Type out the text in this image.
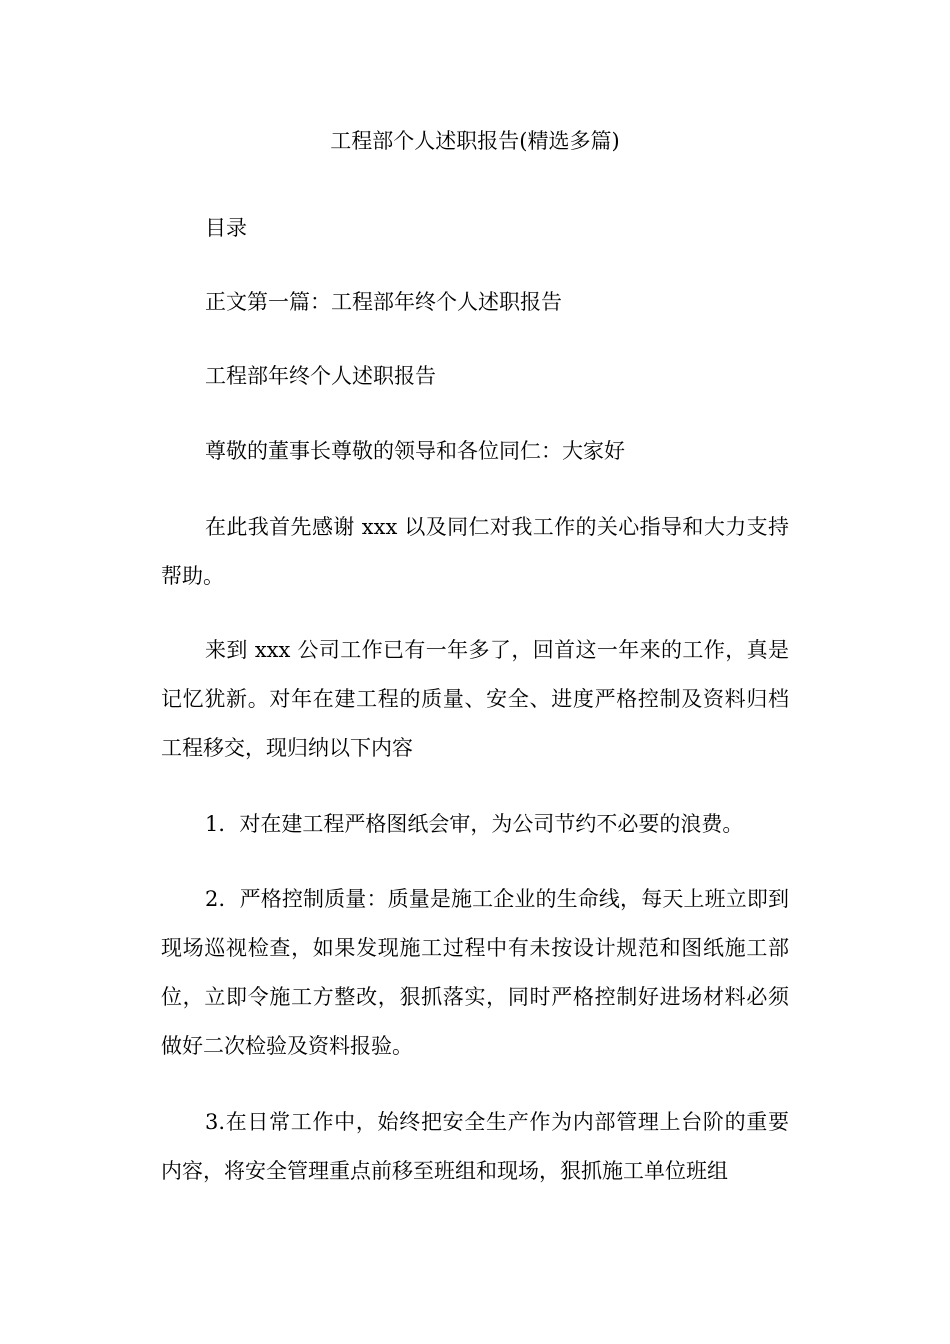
工程部个人述职报告(精选多篇)

目录

正文第一篇：工程部年终个人述职报告

工程部年终个人述职报告

尊敬的董事长尊敬的领导和各位同仁：大家好

在此我首先感谢 xxx 以及同仁对我工作的关心指导和大力支持帮助。

来到 xxx 公司工作已有一年多了，回首这一年来的工作，真是记忆犹新。对年在建工程的质量、安全、进度严格控制及资料归档工程移交，现归纳以下内容

1．对在建工程严格图纸会审，为公司节约不必要的浪费。

2．严格控制质量：质量是施工企业的生命线，每天上班立即到现场巡视检查，如果发现施工过程中有未按设计规范和图纸施工部位，立即令施工方整改，狠抓落实，同时严格控制好进场材料必须做好二次检验及资料报验。

3.在日常工作中，始终把安全生产作为内部管理上台阶的重要内容，将安全管理重点前移至班组和现场，狠抓施工单位班组
